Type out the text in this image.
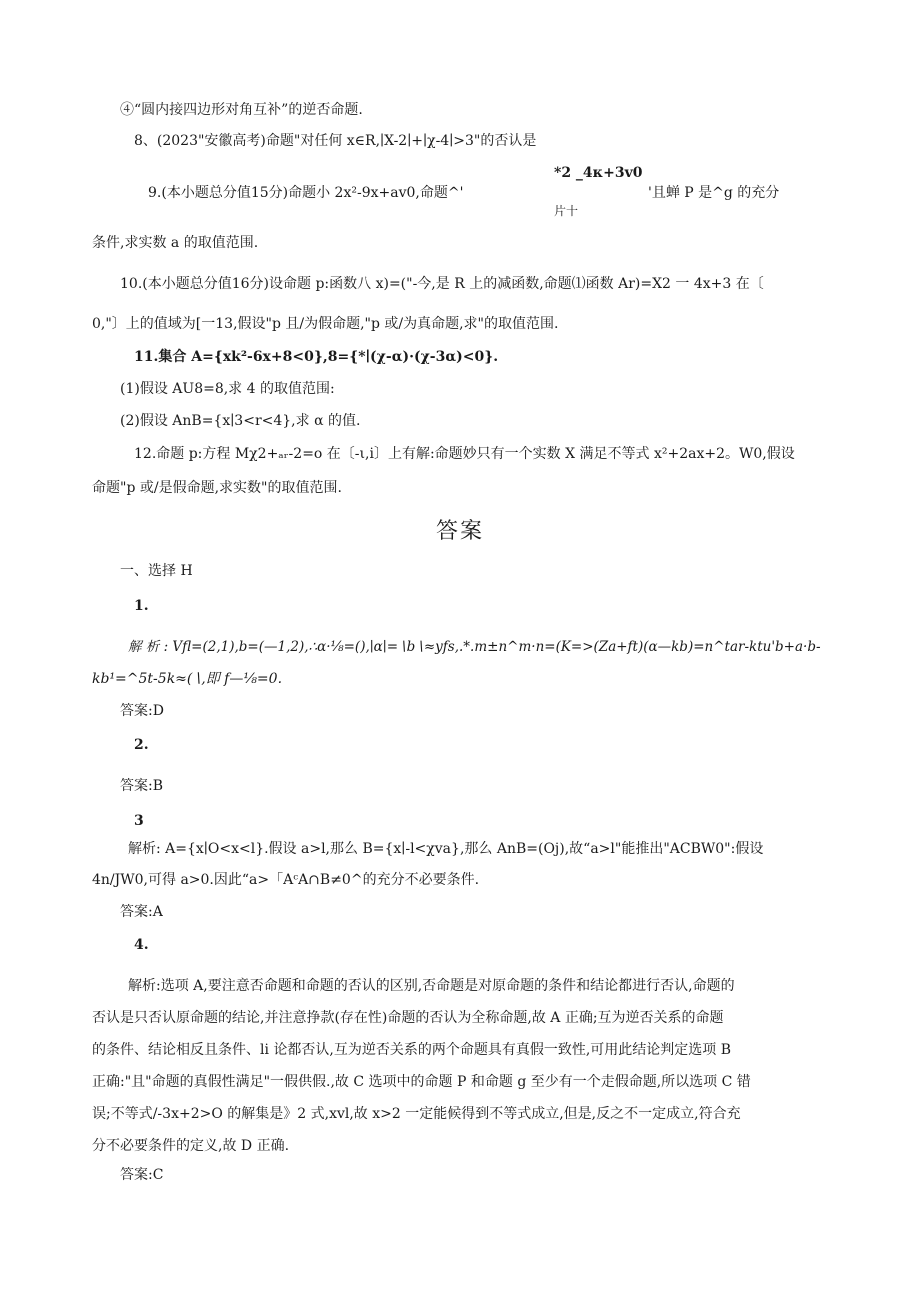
④“圆内接四边形对角互补”的逆否命题.
8、(2023"安徽高考)命题"对任何 x∈R,∣X-2∣+∣χ-4∣>3"的否认是
9.(本小题总分值15分)命题小 2x²-9x+av0,命题^'
*2 _4κ+3v0
片十
'且蝉 P 是^g 的充分
条件,求实数 a 的取值范围.
10.(本小题总分值16分)设命题 p:函数八 x)=("-今,是 R 上的减函数,命题⑴函数 Ar)=X2 一 4x+3 在〔
0,"〕上的值域为[一13,假设"p 且/为假命题,"p 或/为真命题,求"的取值范围.
11.集合 A={xk²-6x+8<0},8={*∣(χ-α)·(χ-3α)<0}.
(1)假设 AU8=8,求 4 的取值范围:
(2)假设 AnB={x∣3<r<4},求 α 的值.
12.命题 p:方程 Mχ2+ₐᵣ-2=o 在〔-ι,i〕上有解:命题妙只有一个实数 X 满足不等式 x²+2ax+2。W0,假设
命题"p 或/是假命题,求实数"的取值范围.
答案
一、选择 H
1.
解 析 : Vfl=(2,1),b=(—1,2),∴α·⅛=(),∣α∣=∖b∖≈yfs,.*.m±n^m·n=(K=>(Za+ft)(α—kb)=n^tar-ktu'b+a·b-
kb¹=^5t-5k≈(∖,即 f—⅛=0.
答案:D
2.
答案:B
3
解析: A={x∣O<x<l}.假设 a>l,那么 B={x∣-l<χva},那么 AnB=(Oj),故“a>l"能推出"ACBW0":假设
4n/JW0,可得 a>0.因此“a>「AᶜA∩B≠0^的充分不必要条件.
答案:A
4.
解析:选项 A,要注意否命题和命题的否认的区别,否命题是对原命题的条件和结论都进行否认,命题的
否认是只否认原命题的结论,并注意挣款(存在性)命题的否认为全称命题,故 A 正确;互为逆否关系的命题
的条件、结论相反且条件、li 论都否认,互为逆否关系的两个命题具有真假一致性,可用此结论判定选项 B
正确:"且"命题的真假性满足"一假供假.,故 C 选项中的命题 P 和命题 g 至少有一个走假命题,所以选项 C 错
误;不等式/-3x+2>O 的解集是》2 式,xvl,故 x>2 一定能候得到不等式成立,但是,反之不一定成立,符合充
分不必要条件的定义,故 D 正确.
答案:C
